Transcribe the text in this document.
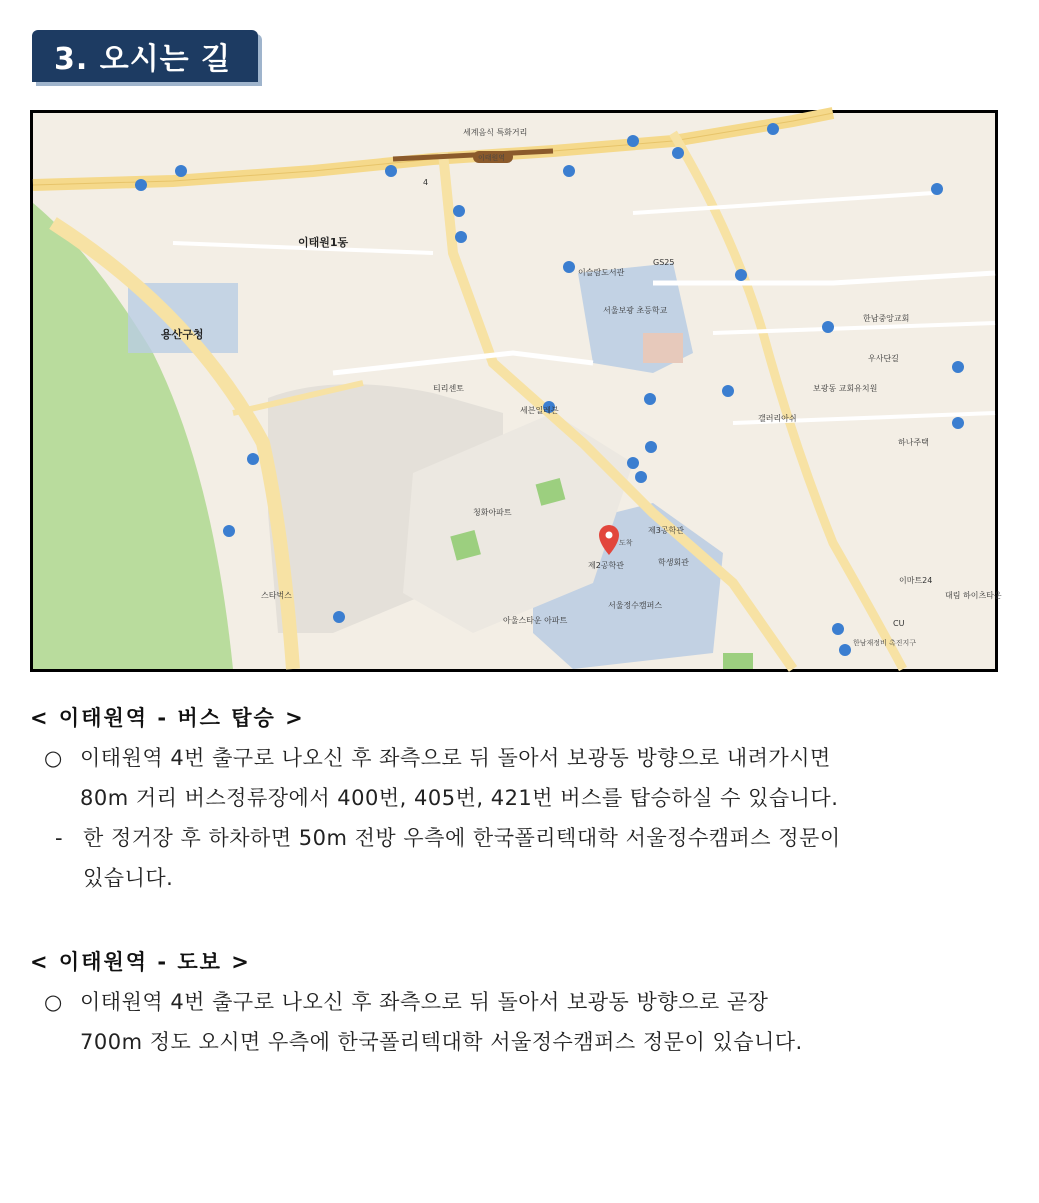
3. 오시는 길
이태원역
세계음식 특화거리
4
이태원1동
용산구청
서울보광 초등학교
서울정수캠퍼스
제2공학관	학생회관
제3공학관
한남중앙교회
우사단길
보광동 교회유치원
청화아파트
아울스타운 아파트
스타벅스
티리센토
세븐일레븐
CU
이마트24
GS25
한남재정비 촉진지구
이슬람도서관
갤러리아쉬
하나주택
대림 하이츠타운
도착
< 이태원역 - 버스 탑승 >
○ 이태원역 4번 출구로 나오신 후 좌측으로 뒤 돌아서 보광동 방향으로 내려가시면
80m 거리 버스정류장에서 400번, 405번, 421번 버스를 탑승하실 수 있습니다.
- 한 정거장 후 하차하면 50m 전방 우측에 한국폴리텍대학 서울정수캠퍼스 정문이
있습니다.
< 이태원역 - 도보 >
○ 이태원역 4번 출구로 나오신 후 좌측으로 뒤 돌아서 보광동 방향으로 곧장
700m 정도 오시면 우측에 한국폴리텍대학 서울정수캠퍼스 정문이 있습니다.
